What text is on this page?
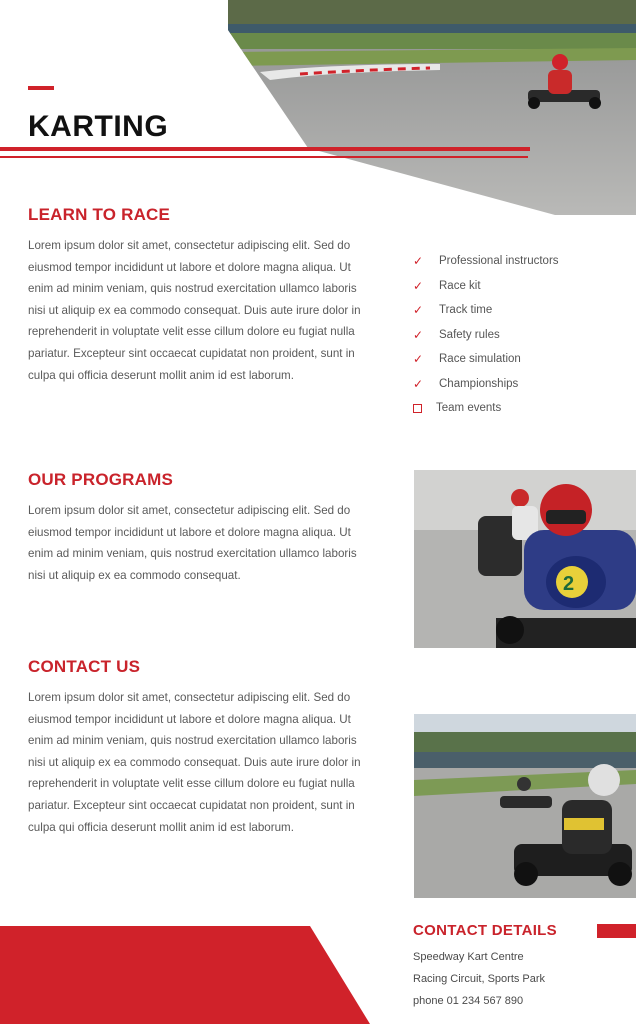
KARTING
LEARN TO RACE

Lorem ipsum dolor sit amet, consectetur adipiscing elit. Sed do eiusmod tempor incididunt ut labore et dolore magna aliqua. Ut enim ad minim veniam, quis nostrud exercitation ullamco laboris nisi ut aliquip ex ea commodo consequat. Duis aute irure dolor in reprehenderit in voluptate velit esse cillum dolore eu fugiat nulla pariatur. Excepteur sint occaecat cupidatat non proident, sunt in culpa qui officia deserunt mollit anim id est laborum.

✓ Professional instructors
✓ Race kit
✓ Track time
✓ Safety rules
✓ Race simulation
✓ Championships
Team events
OUR PROGRAMS

Lorem ipsum dolor sit amet, consectetur adipiscing elit. Sed do eiusmod tempor incididunt ut labore et dolore magna aliqua. Ut enim ad minim veniam, quis nostrud exercitation ullamco laboris nisi ut aliquip ex ea commodo consequat.	2
CONTACT US

Lorem ipsum dolor sit amet, consectetur adipiscing elit. Sed do eiusmod tempor incididunt ut labore et dolore magna aliqua. Ut enim ad minim veniam, quis nostrud exercitation ullamco laboris nisi ut aliquip ex ea commodo consequat. Duis aute irure dolor in reprehenderit in voluptate velit esse cillum dolore eu fugiat nulla pariatur. Excepteur sint occaecat cupidatat non proident, sunt in culpa qui officia deserunt mollit anim id est laborum.

CONTACT DETAILS
Speedway Kart Centre
Racing Circuit, Sports Park
phone 01 234 567 890
